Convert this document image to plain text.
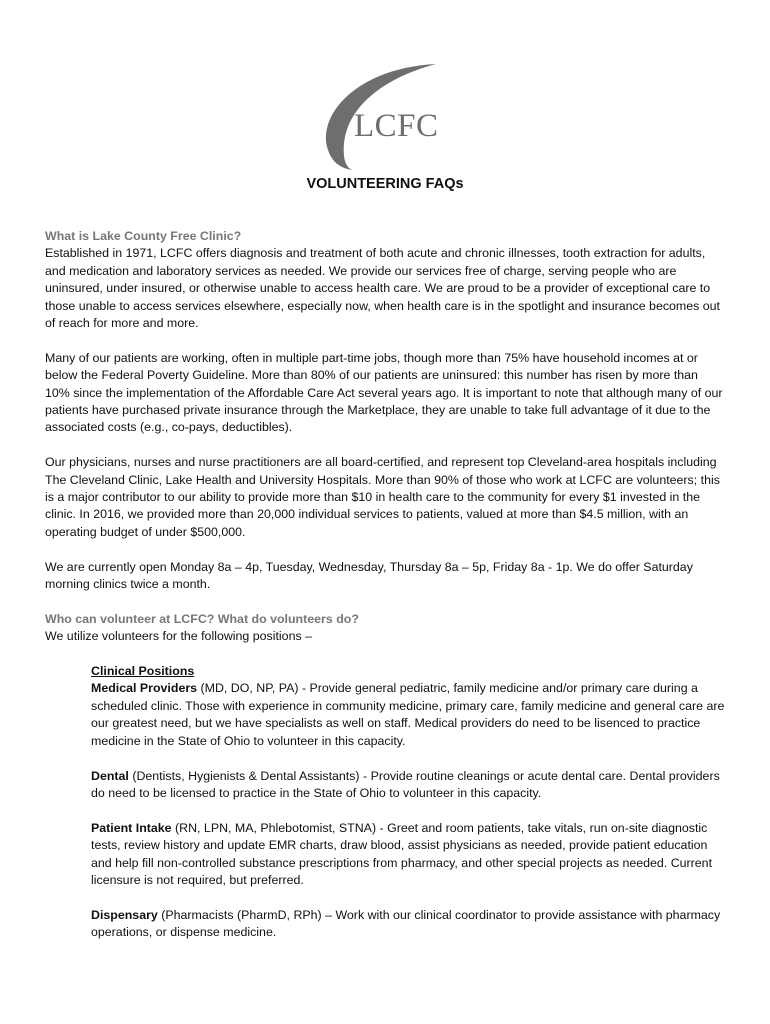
LCFC
VOLUNTEERING FAQs

What is Lake County Free Clinic?
Established in 1971, LCFC offers diagnosis and treatment of both acute and chronic illnesses, tooth extraction for adults, and medication and laboratory services as needed. We provide our services free of charge, serving people who are uninsured, under insured, or otherwise unable to access health care. We are proud to be a provider of exceptional care to those unable to access services elsewhere, especially now, when health care is in the spotlight and insurance becomes out of reach for more and more.

Many of our patients are working, often in multiple part-time jobs, though more than 75% have household incomes at or below the Federal Poverty Guideline. More than 80% of our patients are uninsured: this number has risen by more than 10% since the implementation of the Affordable Care Act several years ago. It is important to note that although many of our patients have purchased private insurance through the Marketplace, they are unable to take full advantage of it due to the associated costs (e.g., co-pays, deductibles).

Our physicians, nurses and nurse practitioners are all board-certified, and represent top Cleveland-area hospitals including The Cleveland Clinic, Lake Health and University Hospitals. More than 90% of those who work at LCFC are volunteers; this is a major contributor to our ability to provide more than $10 in health care to the community for every $1 invested in the clinic. In 2016, we provided more than 20,000 individual services to patients, valued at more than $4.5 million, with an operating budget of under $500,000.

We are currently open Monday 8a – 4p, Tuesday, Wednesday, Thursday 8a – 5p, Friday 8a - 1p. We do offer Saturday morning clinics twice a month.

Who can volunteer at LCFC? What do volunteers do?
We utilize volunteers for the following positions –

Clinical Positions
Medical Providers (MD, DO, NP, PA) - Provide general pediatric, family medicine and/or primary care during a scheduled clinic. Those with experience in community medicine, primary care, family medicine and general care are our greatest need, but we have specialists as well on staff. Medical providers do need to be lisenced to practice medicine in the State of Ohio to volunteer in this capacity.

Dental (Dentists, Hygienists & Dental Assistants) - Provide routine cleanings or acute dental care. Dental providers do need to be licensed to practice in the State of Ohio to volunteer in this capacity.

Patient Intake (RN, LPN, MA, Phlebotomist, STNA) - Greet and room patients, take vitals, run on-site diagnostic tests, review history and update EMR charts, draw blood, assist physicians as needed, provide patient education and help fill non-controlled substance prescriptions from pharmacy, and other special projects as needed. Current licensure is not required, but preferred.

Dispensary (Pharmacists (PharmD, RPh) – Work with our clinical coordinator to provide assistance with pharmacy operations, or dispense medicine.
